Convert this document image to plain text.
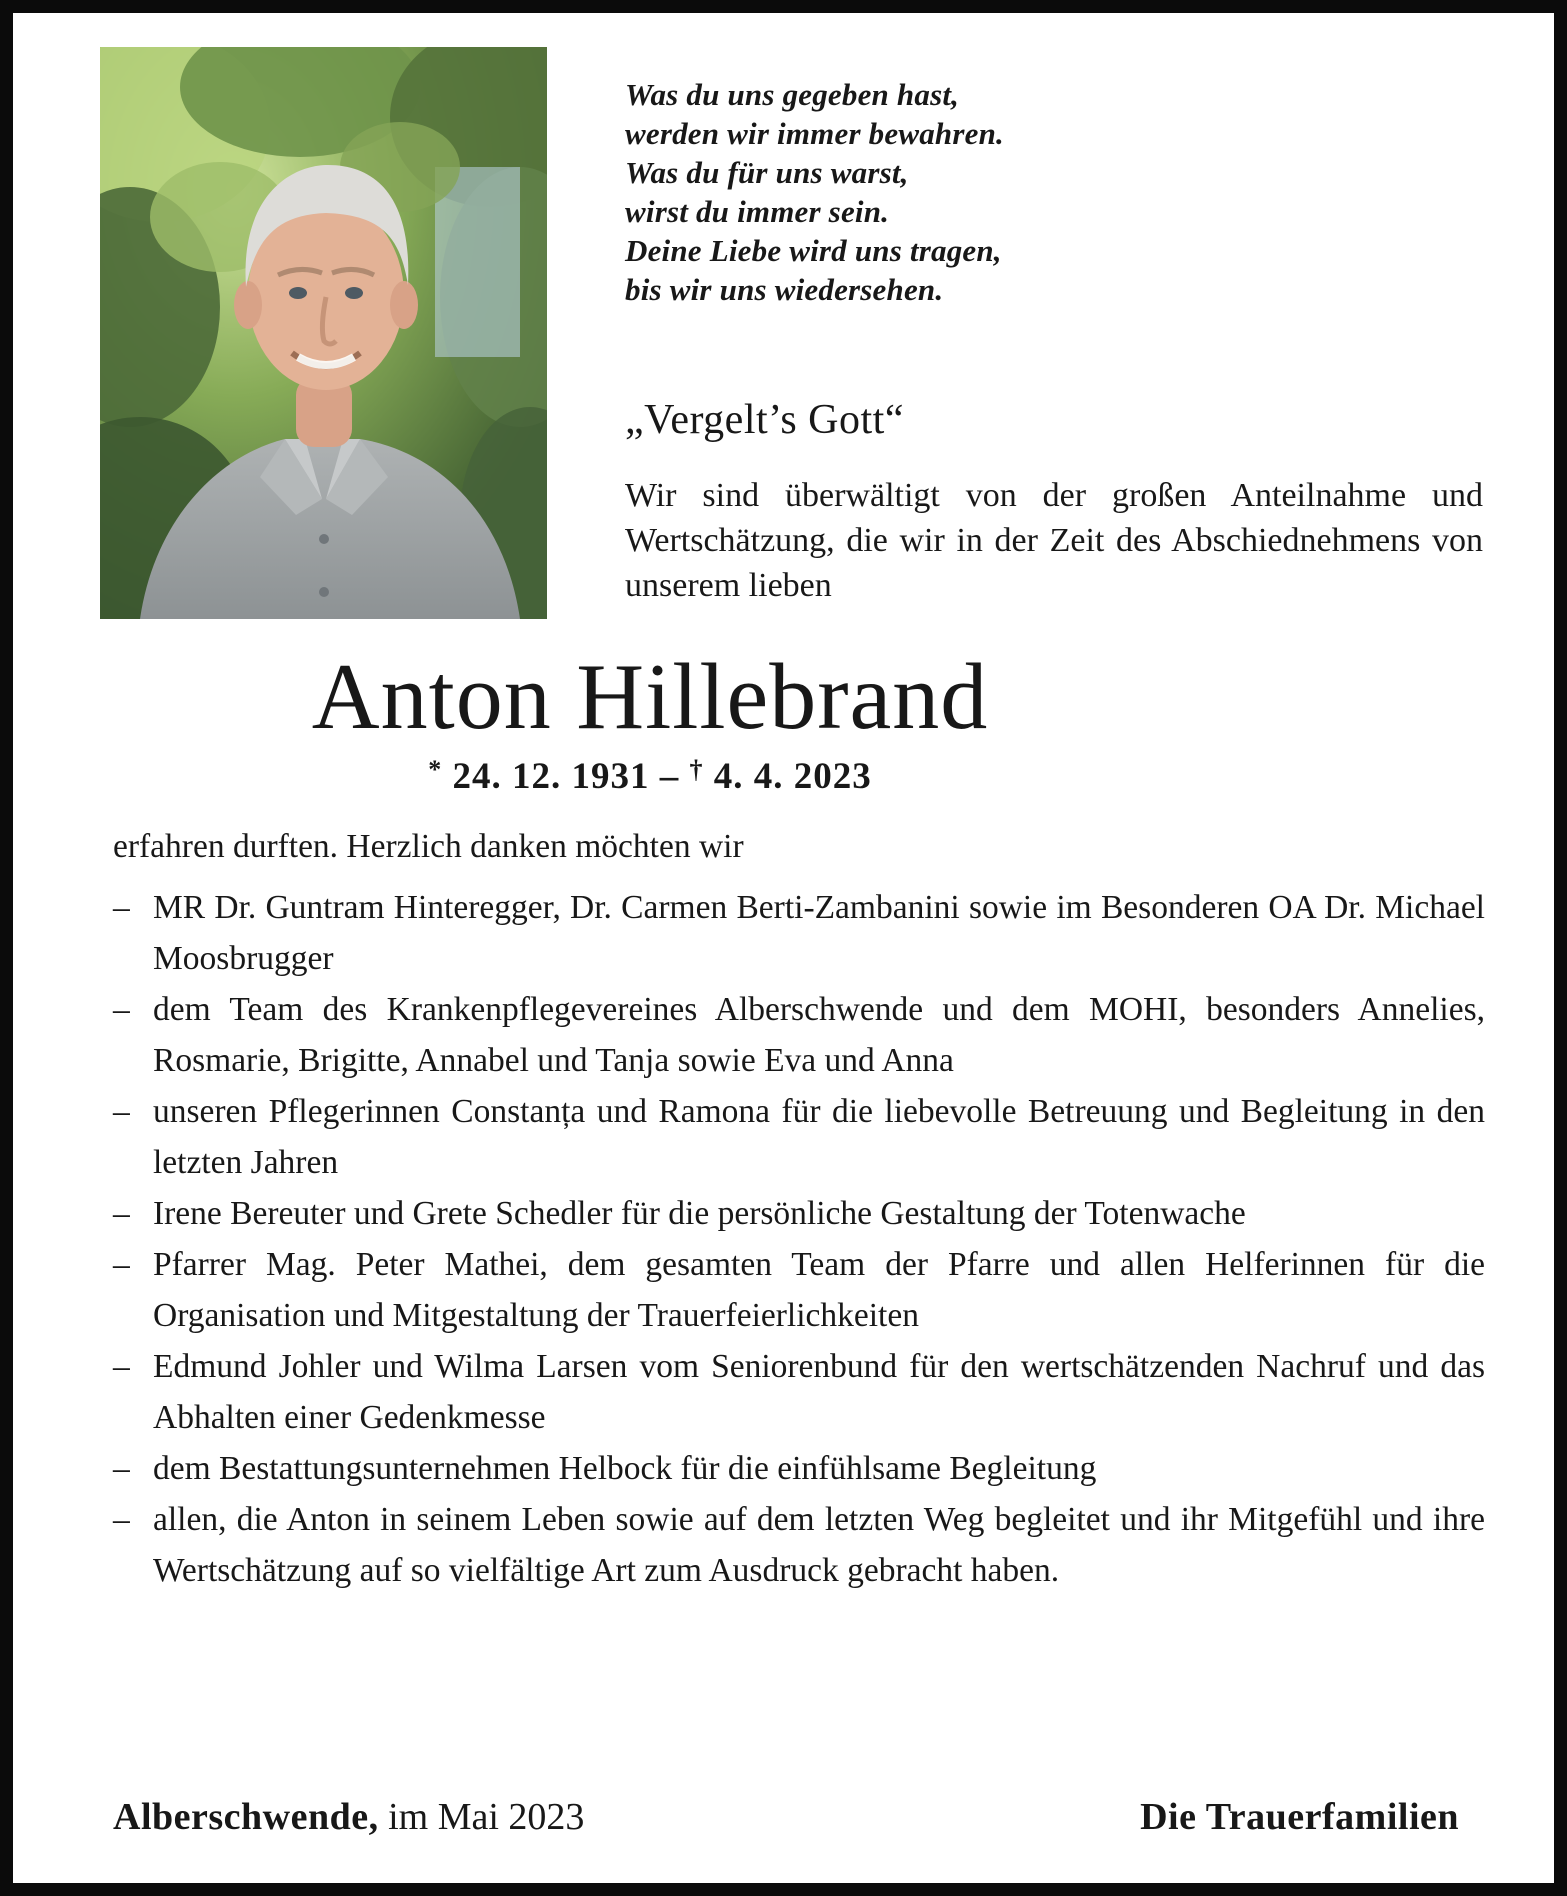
Was du uns gegeben hast,
werden wir immer bewahren.
Was du für uns warst,
wirst du immer sein.
Deine Liebe wird uns tragen,
bis wir uns wiedersehen.
„Vergelt’s Gott“
Wir sind überwältigt von der großen Anteilnahme und Wertschätzung, die wir in der Zeit des Abschiednehmens von unserem lieben
Anton Hillebrand
* 24. 12. 1931 – † 4. 4. 2023

erfahren durften. Herzlich danken möchten wir

– MR Dr. Guntram Hinteregger, Dr. Carmen Berti-Zambanini sowie im Besonderen OA Dr. Michael Moosbrugger
– dem Team des Krankenpflegevereines Alberschwende und dem MOHI, besonders Annelies, Rosmarie, Brigitte, Annabel und Tanja sowie Eva und Anna
– unseren Pflegerinnen Constanța und Ramona für die liebevolle Betreuung und Begleitung in den letzten Jahren
– Irene Bereuter und Grete Schedler für die persönliche Gestaltung der Totenwache
– Pfarrer Mag. Peter Mathei, dem gesamten Team der Pfarre und allen Helferinnen für die Organisation und Mitgestaltung der Trauerfeierlichkeiten
– Edmund Johler und Wilma Larsen vom Seniorenbund für den wertschätzenden Nachruf und das Abhalten einer Gedenkmesse
– dem Bestattungsunternehmen Helbock für die einfühlsame Begleitung
– allen, die Anton in seinem Leben sowie auf dem letzten Weg begleitet und ihr Mitgefühl und ihre Wertschätzung auf so vielfältige Art zum Ausdruck gebracht haben.
Alberschwende, im Mai 2023	Die Trauerfamilien
